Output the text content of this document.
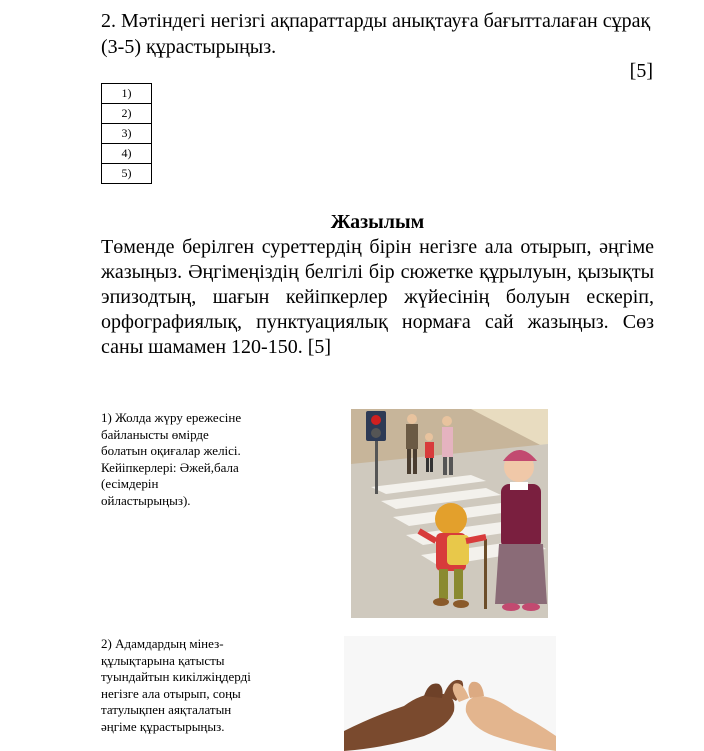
2. Мәтіндегі негізгі ақпараттарды анықтауға бағытталаған сұрақ (3-5) құрастырыңыз.
[5]
1)
2)
3)
4)
5)
Жазылым
Төменде берілген суреттердің бірін негізге ала отырып, әңгіме жазыңыз. Әңгімеңіздің белгілі бір сюжетке құрылуын, қызықты эпизодтың, шағын кейіпкерлер жүйесінің болуын ескеріп, орфографиялық, пунктуациялық нормаға сай жазыңыз. Сөз саны шамамен 120-150. [5]
1) Жолда жүру ережесіне байланысты өмірде болатын оқиғалар желісі. Кейіпкерлері: Әжей,бала (есімдерін ойластырыңыз).
2) Адамдардың мінез-құлықтарына қатысты туындайтын кикілжіңдерді негізге ала отырып, соңы татулықпен аяқталатын әңгіме құрастырыңыз.
